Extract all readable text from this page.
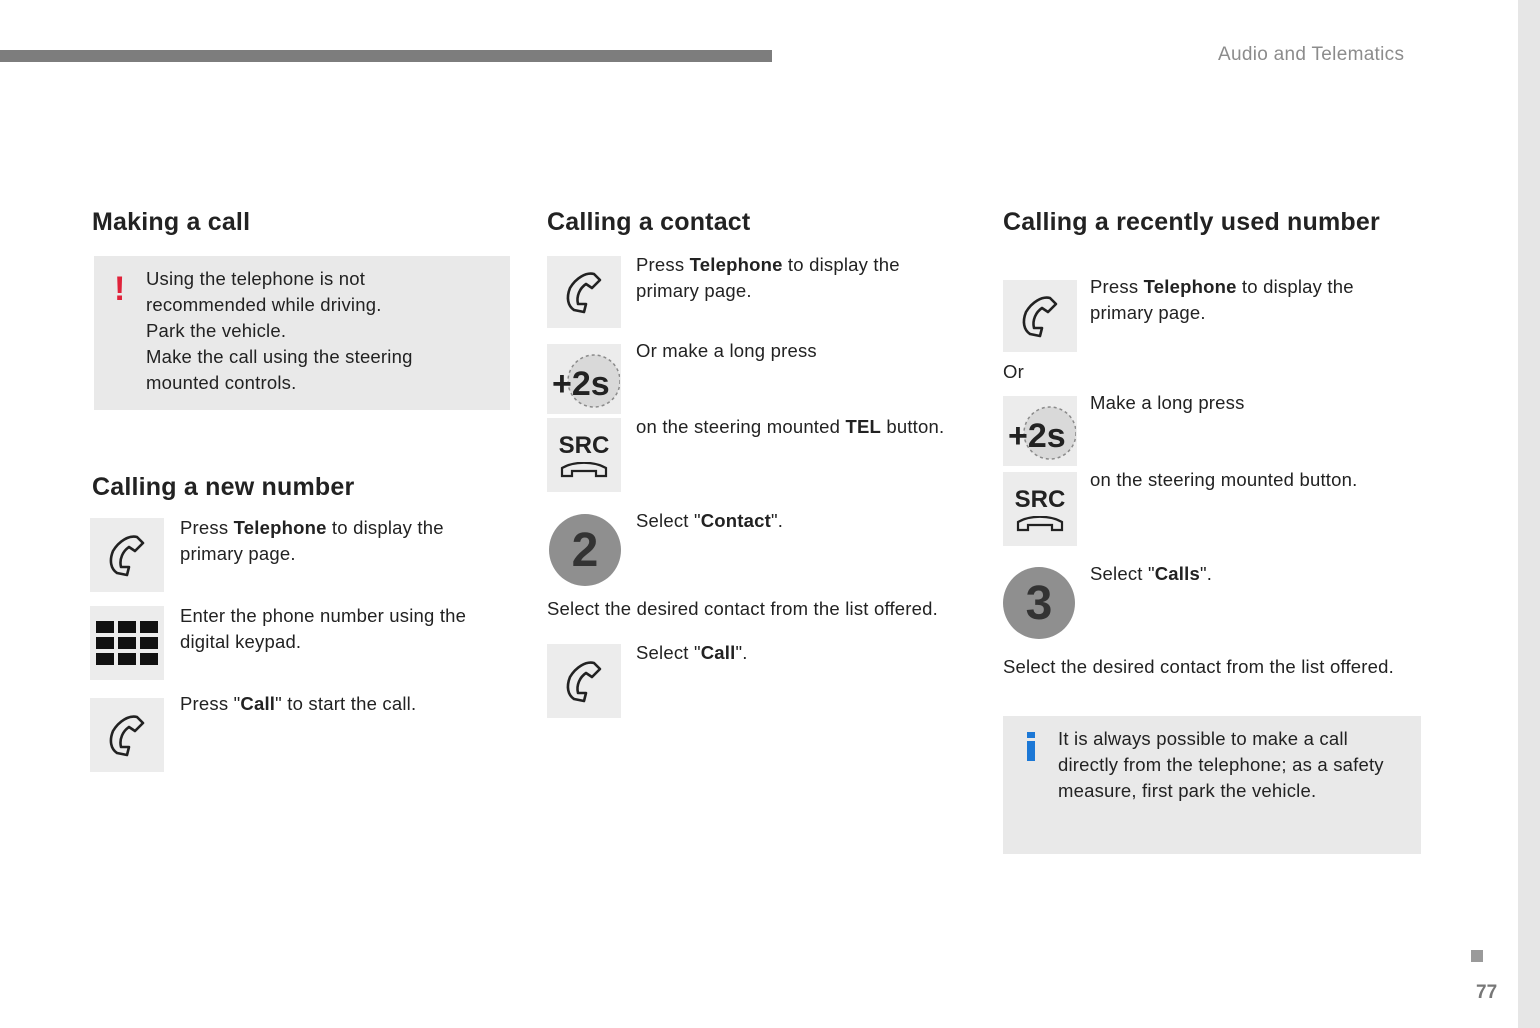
Audio and Telematics
77
Making a call
! Using the telephone is not
recommended while driving.
Park the vehicle.
Make the call using the steering
mounted controls.
Calling a new number
Press Telephone to display the
primary page.
Enter the phone number using the
digital keypad.
Press "Call" to start the call.
Calling a contact
Press Telephone to display the
primary page.
+2s
Or make a long press
SRC
on the steering mounted TEL button.
2
Select "Contact".
Select the desired contact from the list offered.
Select "Call".
Calling a recently used number
Press Telephone to display the
primary page.
Or
+2s
Make a long press
SRC
on the steering mounted button.
3
Select "Calls".
Select the desired contact from the list offered.
It is always possible to make a call
directly from the telephone; as a safety
measure, first park the vehicle.
